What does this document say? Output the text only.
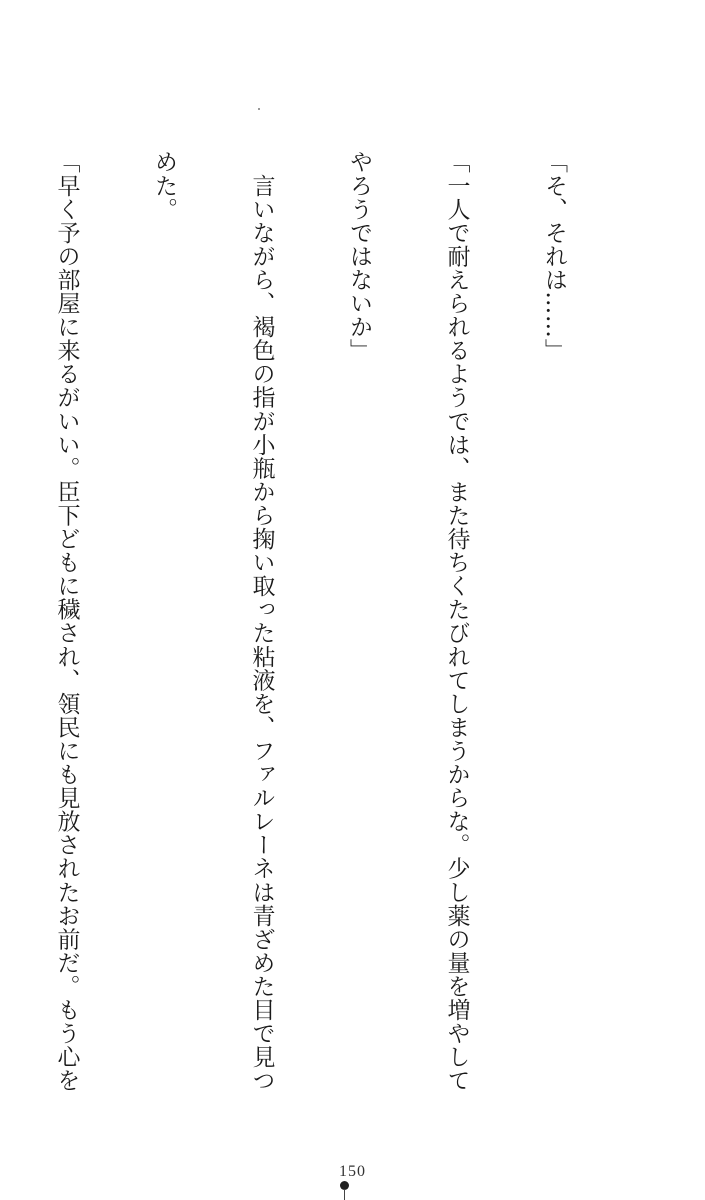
「そ、それは……」

「一人で耐えられるようでは、また待ちくたびれてしまうからな。少し薬の量を増やして

やろうではないか」

　言いながら、褐色の指が小瓶から掬い取った粘液を、ファルレーネは青ざめた目で見つ

めた。

「早く予の部屋に来るがいい。臣下どもに穢され、領民にも見放されたお前だ。もう心を

150
